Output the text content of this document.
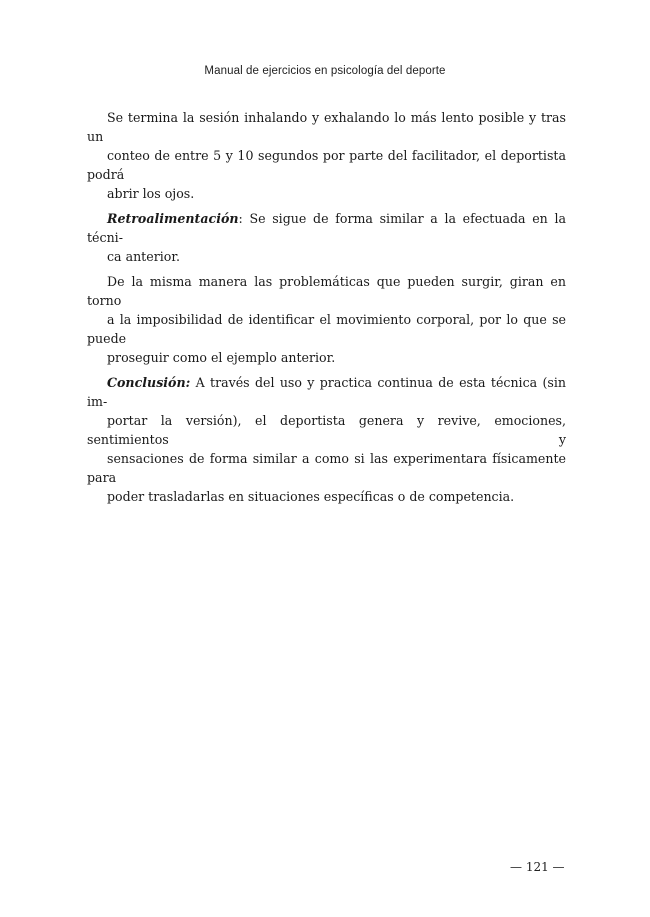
Manual de ejercicios en psicología del deporte

Se termina la sesión inhalando y exhalando lo más lento posible y tras un
conteo de entre 5 y 10 segundos por parte del facilitador, el deportista podrá
abrir los ojos.

Retroalimentación: Se sigue de forma similar a la efectuada en la técni-
ca anterior.

De la misma manera las problemáticas que pueden surgir, giran en torno
a la imposibilidad de identificar el movimiento corporal, por lo que se puede
proseguir como el ejemplo anterior.

Conclusión: A través del uso y practica continua de esta técnica (sin im-
portar la versión), el deportista genera y revive, emociones, sentimientos y
sensaciones de forma similar a como si las experimentara físicamente para
poder trasladarlas en situaciones específicas o de competencia.

— 121 —
